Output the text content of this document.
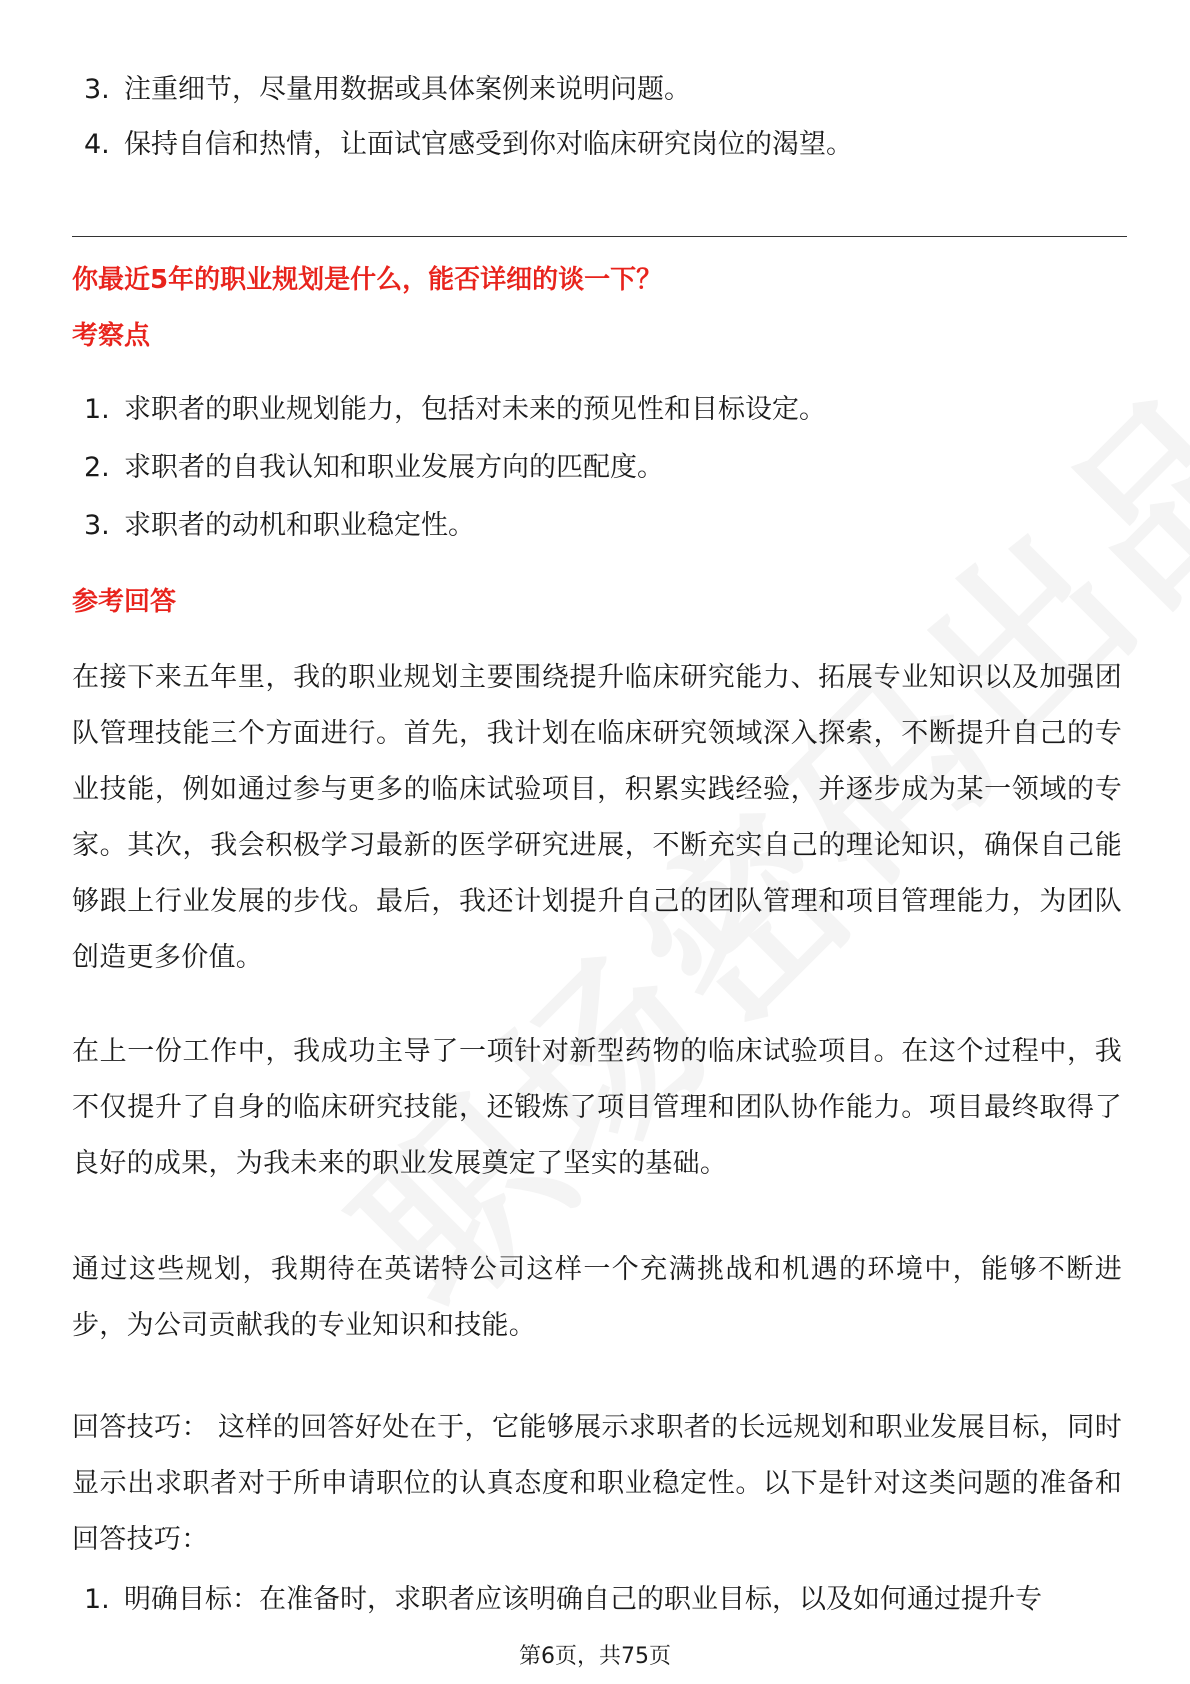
3. 注重细节，尽量用数据或具体案例来说明问题。
4. 保持自信和热情，让面试官感受到你对临床研究岗位的渴望。
你最近5年的职业规划是什么，能否详细的谈一下？
考察点
1. 求职者的职业规划能力，包括对未来的预见性和目标设定。
2. 求职者的自我认知和职业发展方向的匹配度。
3. 求职者的动机和职业稳定性。
参考回答

在接下来五年里，我的职业规划主要围绕提升临床研究能力、拓展专业知识以及加强团队管理技能三个方面进行。首先，我计划在临床研究领域深入探索，不断提升自己的专业技能，例如通过参与更多的临床试验项目，积累实践经验，并逐步成为某一领域的专家。其次，我会积极学习最新的医学研究进展，不断充实自己的理论知识，确保自己能够跟上行业发展的步伐。最后，我还计划提升自己的团队管理和项目管理能力，为团队创造更多价值。

在上一份工作中，我成功主导了一项针对新型药物的临床试验项目。在这个过程中，我不仅提升了自身的临床研究技能，还锻炼了项目管理和团队协作能力。项目最终取得了良好的成果，为我未来的职业发展奠定了坚实的基础。

通过这些规划，我期待在英诺特公司这样一个充满挑战和机遇的环境中，能够不断进步，为公司贡献我的专业知识和技能。

回答技巧： 这样的回答好处在于，它能够展示求职者的长远规划和职业发展目标，同时显示出求职者对于所申请职位的认真态度和职业稳定性。以下是针对这类问题的准备和回答技巧：

1. 明确目标：在准备时，求职者应该明确自己的职业目标，以及如何通过提升专
第6页，共75页
